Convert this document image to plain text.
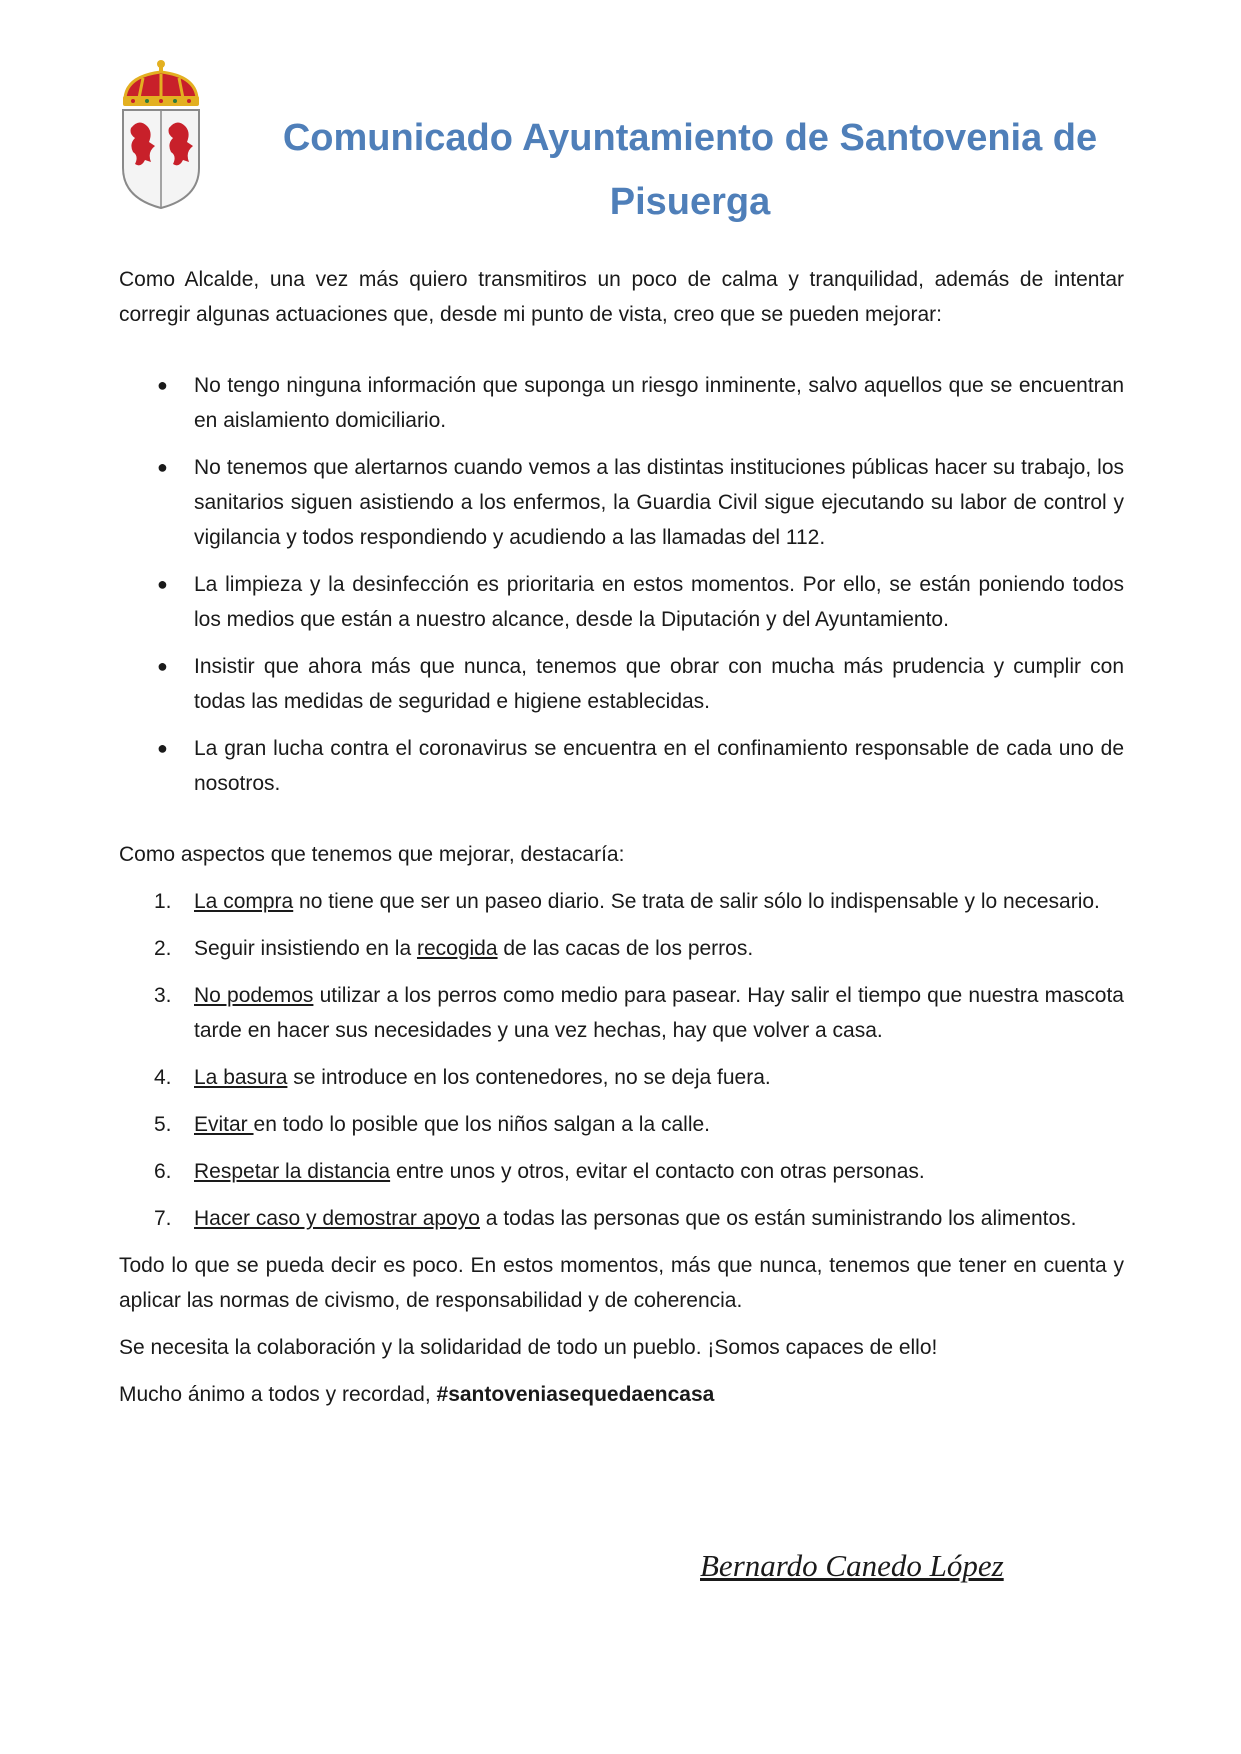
Comunicado Ayuntamiento de Santovenia de Pisuerga

Como Alcalde, una vez más quiero transmitiros un poco de calma y tranquilidad, además de intentar corregir algunas actuaciones que, desde mi punto de vista, creo que se pueden mejorar:

● No tengo ninguna información que suponga un riesgo inminente, salvo aquellos que se encuentran en aislamiento domiciliario.
● No tenemos que alertarnos cuando vemos a las distintas instituciones públicas hacer su trabajo, los sanitarios siguen asistiendo a los enfermos, la Guardia Civil sigue ejecutando su labor de control y vigilancia y todos respondiendo y acudiendo a las llamadas del 112.
● La limpieza y la desinfección es prioritaria en estos momentos. Por ello, se están poniendo todos los medios que están a nuestro alcance, desde la Diputación y del Ayuntamiento.
● Insistir que ahora más que nunca, tenemos que obrar con mucha más prudencia y cumplir con todas las medidas de seguridad e higiene establecidas.
● La gran lucha contra el coronavirus se encuentra en el confinamiento responsable de cada uno de nosotros.

Como aspectos que tenemos que mejorar, destacaría:

1. La compra no tiene que ser un paseo diario. Se trata de salir sólo lo indispensable y lo necesario.
2. Seguir insistiendo en la recogida de las cacas de los perros.
3. No podemos utilizar a los perros como medio para pasear. Hay salir el tiempo que nuestra mascota tarde en hacer sus necesidades y una vez hechas, hay que volver a casa.
4. La basura se introduce en los contenedores, no se deja fuera.
5. Evitar en todo lo posible que los niños salgan a la calle.
6. Respetar la distancia entre unos y otros, evitar el contacto con otras personas.
7. Hacer caso y demostrar apoyo a todas las personas que os están suministrando los alimentos.

Todo lo que se pueda decir es poco. En estos momentos, más que nunca, tenemos que tener en cuenta y aplicar las normas de civismo, de responsabilidad y de coherencia.

Se necesita la colaboración y la solidaridad de todo un pueblo. ¡Somos capaces de ello!

Mucho ánimo a todos y recordad, #santoveniasequedaencasa

Bernardo Canedo López
